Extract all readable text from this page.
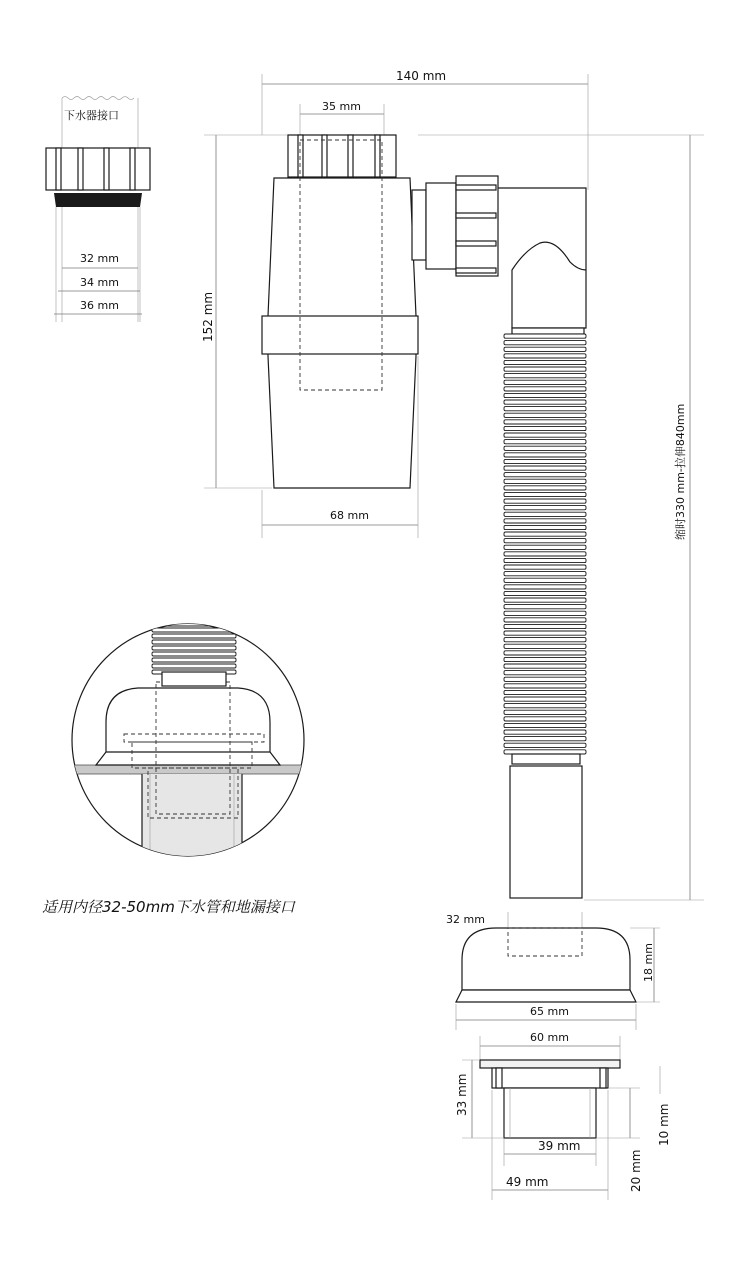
下水器接口
32 mm
34 mm
36 mm
140 mm
35 mm
152 mm
68 mm	缩时330 mm-拉伸840mm
32 mm
18 mm
65 mm
60 mm
33 mm
10 mm
39 mm
49 mm	20 mm
适用内径32-50mm下水管和地漏接口
